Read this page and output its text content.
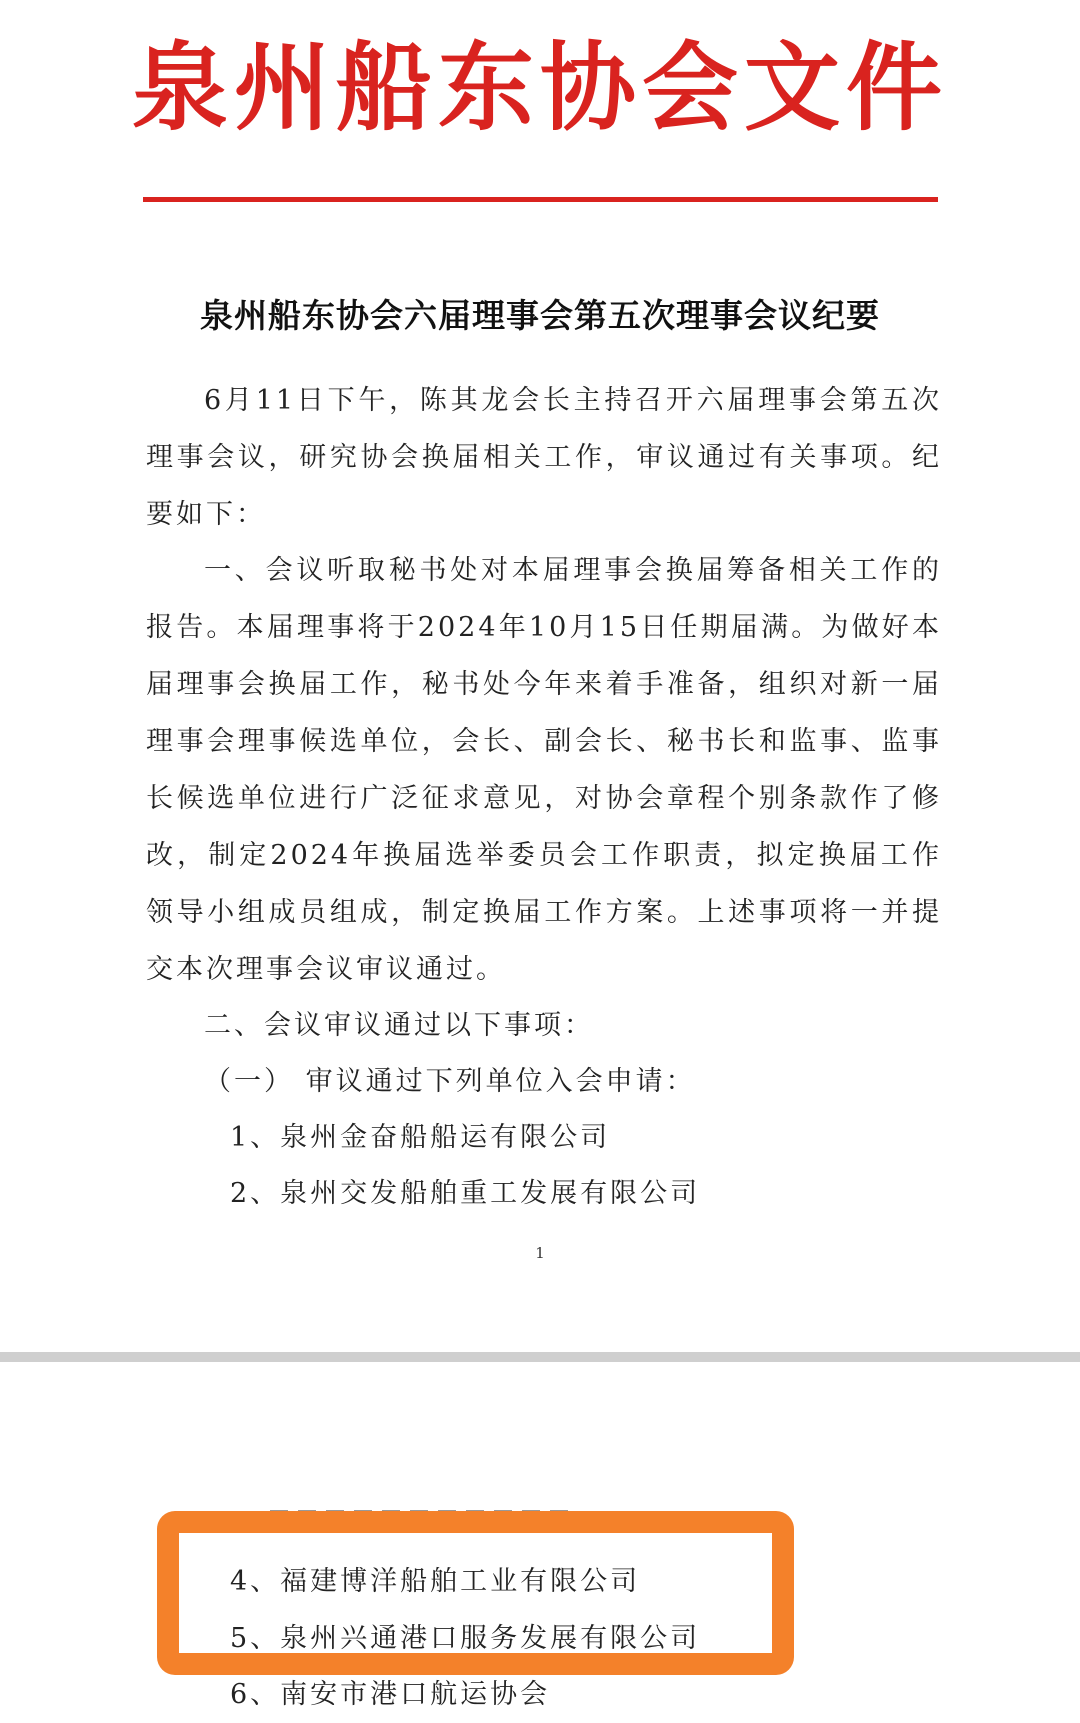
泉州船东协会文件
泉州船东协会六届理事会第五次理事会议纪要

6月11日下午，陈其龙会长主持召开六届理事会第五次理事会议，研究协会换届相关工作，审议通过有关事项。纪要如下：

一、会议听取秘书处对本届理事会换届筹备相关工作的报告。本届理事将于2024年10月15日任期届满。为做好本届理事会换届工作，秘书处今年来着手准备，组织对新一届理事会理事候选单位，会长、副会长、秘书长和监事、监事长候选单位进行广泛征求意见，对协会章程个别条款作了修改，制定2024年换届选举委员会工作职责，拟定换届工作领导小组成员组成，制定换届工作方案。上述事项将一并提交本次理事会议审议通过。

二、会议审议通过以下事项：
（一） 审议通过下列单位入会申请：
1、泉州金奋船船运有限公司
2、泉州交发船舶重工发展有限公司
1
4、福建博洋船舶工业有限公司
6、南安市港口航运协会
